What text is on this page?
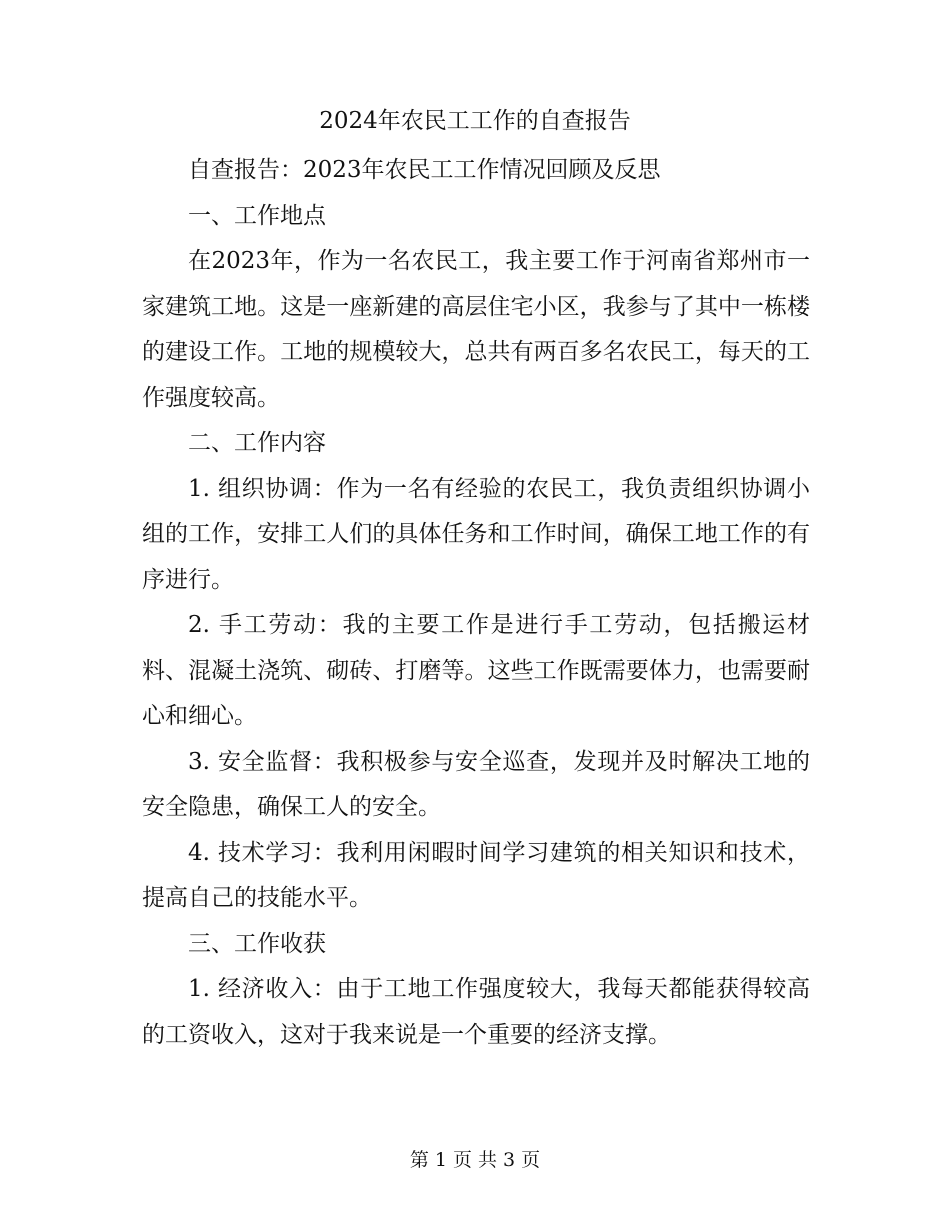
2024年农民工工作的自查报告

自查报告：2023年农民工工作情况回顾及反思

一、工作地点

在2023年，作为一名农民工，我主要工作于河南省郑州市一家建筑工地。这是一座新建的高层住宅小区，我参与了其中一栋楼的建设工作。工地的规模较大，总共有两百多名农民工，每天的工作强度较高。

二、工作内容

1. 组织协调：作为一名有经验的农民工，我负责组织协调小组的工作，安排工人们的具体任务和工作时间，确保工地工作的有序进行。

2. 手工劳动：我的主要工作是进行手工劳动，包括搬运材料、混凝土浇筑、砌砖、打磨等。这些工作既需要体力，也需要耐心和细心。

3. 安全监督：我积极参与安全巡查，发现并及时解决工地的安全隐患，确保工人的安全。

4. 技术学习：我利用闲暇时间学习建筑的相关知识和技术，提高自己的技能水平。

三、工作收获

1. 经济收入：由于工地工作强度较大，我每天都能获得较高的工资收入，这对于我来说是一个重要的经济支撑。

第 1 页 共 3 页
